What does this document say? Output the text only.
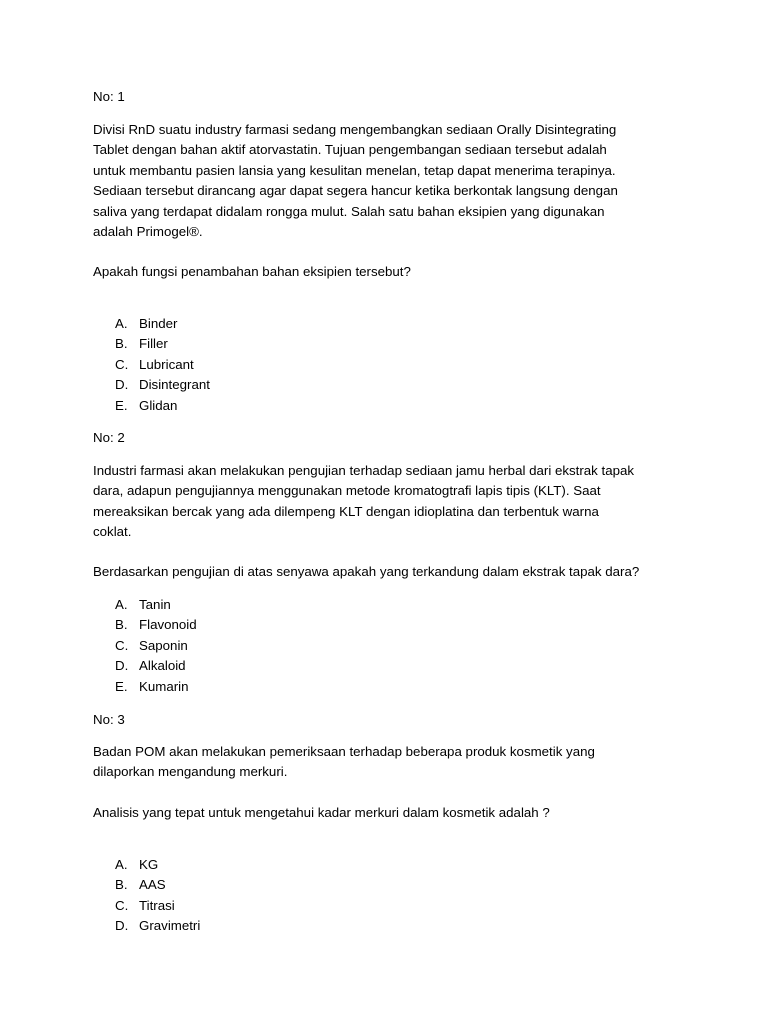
No: 1
Divisi RnD suatu industry farmasi sedang mengembangkan sediaan Orally Disintegrating
Tablet dengan bahan aktif atorvastatin. Tujuan pengembangan sediaan tersebut adalah
untuk membantu pasien lansia yang kesulitan menelan, tetap dapat menerima terapinya.
Sediaan tersebut dirancang agar dapat segera hancur ketika berkontak langsung dengan
saliva yang terdapat didalam rongga mulut. Salah satu bahan eksipien yang digunakan
adalah Primogel®.
Apakah fungsi penambahan bahan eksipien tersebut?
A. Binder
B. Filler
C. Lubricant
D. Disintegrant
E. Glidan
No: 2
Industri farmasi akan melakukan pengujian terhadap sediaan jamu herbal dari ekstrak tapak
dara, adapun pengujiannya menggunakan metode kromatogtrafi lapis tipis (KLT). Saat
mereaksikan bercak yang ada dilempeng KLT dengan idioplatina dan terbentuk warna
coklat.
Berdasarkan pengujian di atas senyawa apakah yang terkandung dalam ekstrak tapak dara?
A. Tanin
B. Flavonoid
C. Saponin
D. Alkaloid
E. Kumarin
No: 3
Badan POM akan melakukan pemeriksaan terhadap beberapa produk kosmetik yang
dilaporkan mengandung merkuri.
Analisis yang tepat untuk mengetahui kadar merkuri dalam kosmetik adalah ?
A. KG
B. AAS
C. Titrasi
D. Gravimetri
